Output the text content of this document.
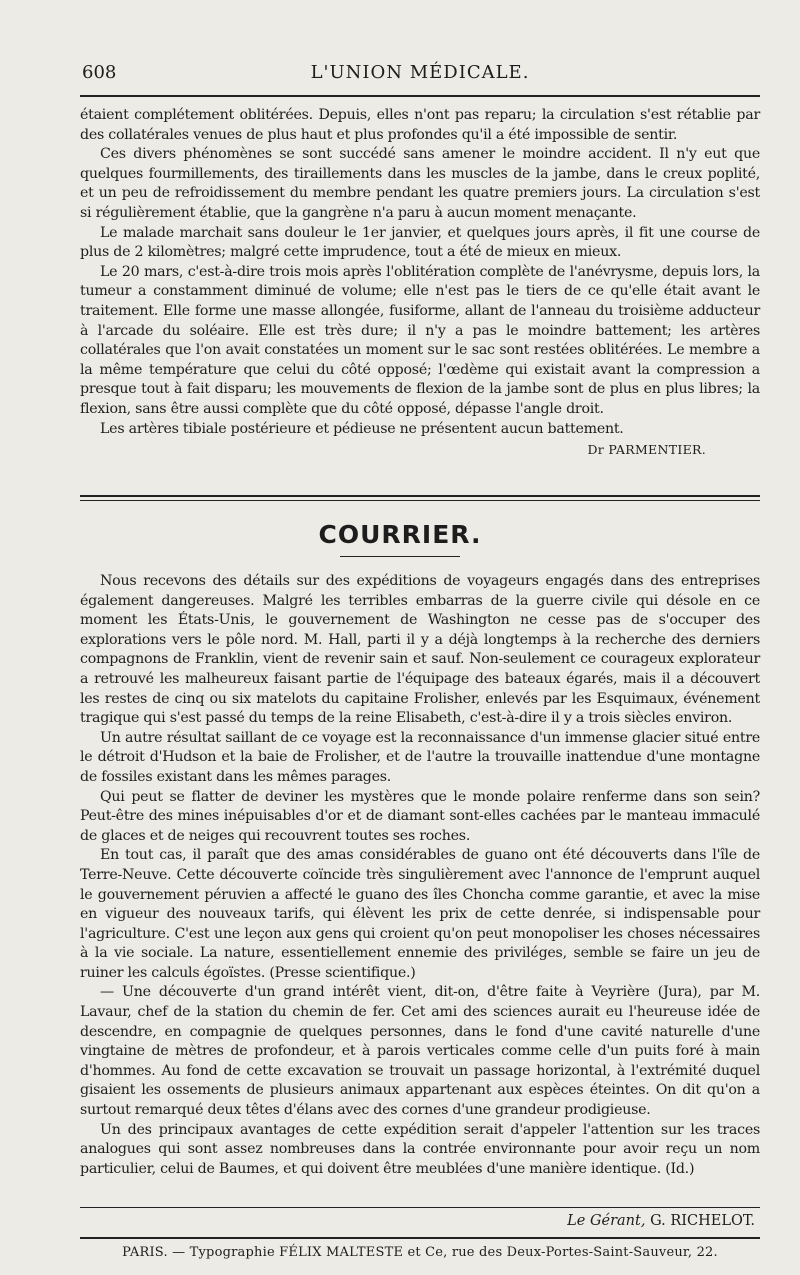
608	L'UNION MÉDICALE.

étaient complétement oblitérées. Depuis, elles n'ont pas reparu; la circulation s'est rétablie par des collatérales venues de plus haut et plus profondes qu'il a été impossible de sentir.

Ces divers phénomènes se sont succédé sans amener le moindre accident. Il n'y eut que quelques fourmillements, des tiraillements dans les muscles de la jambe, dans le creux poplité, et un peu de refroidissement du membre pendant les quatre premiers jours. La circulation s'est si régulièrement établie, que la gangrène n'a paru à aucun moment menaçante.

Le malade marchait sans douleur le 1er janvier, et quelques jours après, il fit une course de plus de 2 kilomètres; malgré cette imprudence, tout a été de mieux en mieux.

Le 20 mars, c'est-à-dire trois mois après l'oblitération complète de l'anévrysme, depuis lors, la tumeur a constamment diminué de volume; elle n'est pas le tiers de ce qu'elle était avant le traitement. Elle forme une masse allongée, fusiforme, allant de l'anneau du troisième adducteur à l'arcade du soléaire. Elle est très dure; il n'y a pas le moindre battement; les artères collatérales que l'on avait constatées un moment sur le sac sont restées oblitérées. Le membre a la même température que celui du côté opposé; l'œdème qui existait avant la compression a presque tout à fait disparu; les mouvements de flexion de la jambe sont de plus en plus libres; la flexion, sans être aussi complète que du côté opposé, dépasse l'angle droit.

Les artères tibiale postérieure et pédieuse ne présentent aucun battement.

Dr PARMENTIER.
COURRIER.

Nous recevons des détails sur des expéditions de voyageurs engagés dans des entreprises également dangereuses. Malgré les terribles embarras de la guerre civile qui désole en ce moment les États-Unis, le gouvernement de Washington ne cesse pas de s'occuper des explorations vers le pôle nord. M. Hall, parti il y a déjà longtemps à la recherche des derniers compagnons de Franklin, vient de revenir sain et sauf. Non-seulement ce courageux explorateur a retrouvé les malheureux faisant partie de l'équipage des bateaux égarés, mais il a découvert les restes de cinq ou six matelots du capitaine Frolisher, enlevés par les Esquimaux, événement tragique qui s'est passé du temps de la reine Elisabeth, c'est-à-dire il y a trois siècles environ.

Un autre résultat saillant de ce voyage est la reconnaissance d'un immense glacier situé entre le détroit d'Hudson et la baie de Frolisher, et de l'autre la trouvaille inattendue d'une montagne de fossiles existant dans les mêmes parages.

Qui peut se flatter de deviner les mystères que le monde polaire renferme dans son sein? Peut-être des mines inépuisables d'or et de diamant sont-elles cachées par le manteau immaculé de glaces et de neiges qui recouvrent toutes ses roches.

En tout cas, il paraît que des amas considérables de guano ont été découverts dans l'île de Terre-Neuve. Cette découverte coïncide très singulièrement avec l'annonce de l'emprunt auquel le gouvernement péruvien a affecté le guano des îles Choncha comme garantie, et avec la mise en vigueur des nouveaux tarifs, qui élèvent les prix de cette denrée, si indispensable pour l'agriculture. C'est une leçon aux gens qui croient qu'on peut monopoliser les choses nécessaires à la vie sociale. La nature, essentiellement ennemie des priviléges, semble se faire un jeu de ruiner les calculs égoïstes. (Presse scientifique.)

— Une découverte d'un grand intérêt vient, dit-on, d'être faite à Veyrière (Jura), par M. Lavaur, chef de la station du chemin de fer. Cet ami des sciences aurait eu l'heureuse idée de descendre, en compagnie de quelques personnes, dans le fond d'une cavité naturelle d'une vingtaine de mètres de profondeur, et à parois verticales comme celle d'un puits foré à main d'hommes. Au fond de cette excavation se trouvait un passage horizontal, à l'extrémité duquel gisaient les ossements de plusieurs animaux appartenant aux espèces éteintes. On dit qu'on a surtout remarqué deux têtes d'élans avec des cornes d'une grandeur prodigieuse.

Un des principaux avantages de cette expédition serait d'appeler l'attention sur les traces analogues qui sont assez nombreuses dans la contrée environnante pour avoir reçu un nom particulier, celui de Baumes, et qui doivent être meublées d'une manière identique. (Id.)

Le Gérant, G. RICHELOT.
PARIS. — Typographie FÉLIX MALTESTE et Ce, rue des Deux-Portes-Saint-Sauveur, 22.
